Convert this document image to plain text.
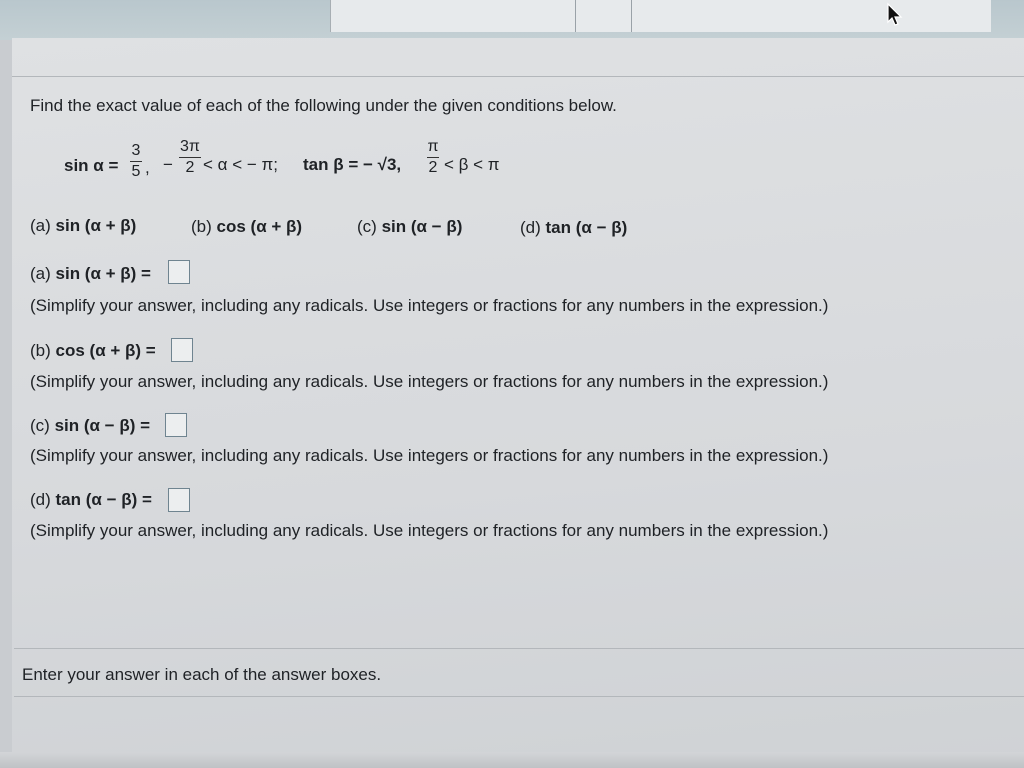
Find the exact value of each of the following under the given conditions below.
sin α =
3
5 , −
3π
2 < α < − π; tan β = − √3,
π
2 < β < π
(a) sin (α + β)	(b) cos (α + β)	(c) sin (α − β)	(d) tan (α − β)
(a) sin (α + β) =
(Simplify your answer, including any radicals. Use integers or fractions for any numbers in the expression.)
(b) cos (α + β) =
(Simplify your answer, including any radicals. Use integers or fractions for any numbers in the expression.)
(c) sin (α − β) =
(Simplify your answer, including any radicals. Use integers or fractions for any numbers in the expression.)
(d) tan (α − β) =
(Simplify your answer, including any radicals. Use integers or fractions for any numbers in the expression.)
Enter your answer in each of the answer boxes.
